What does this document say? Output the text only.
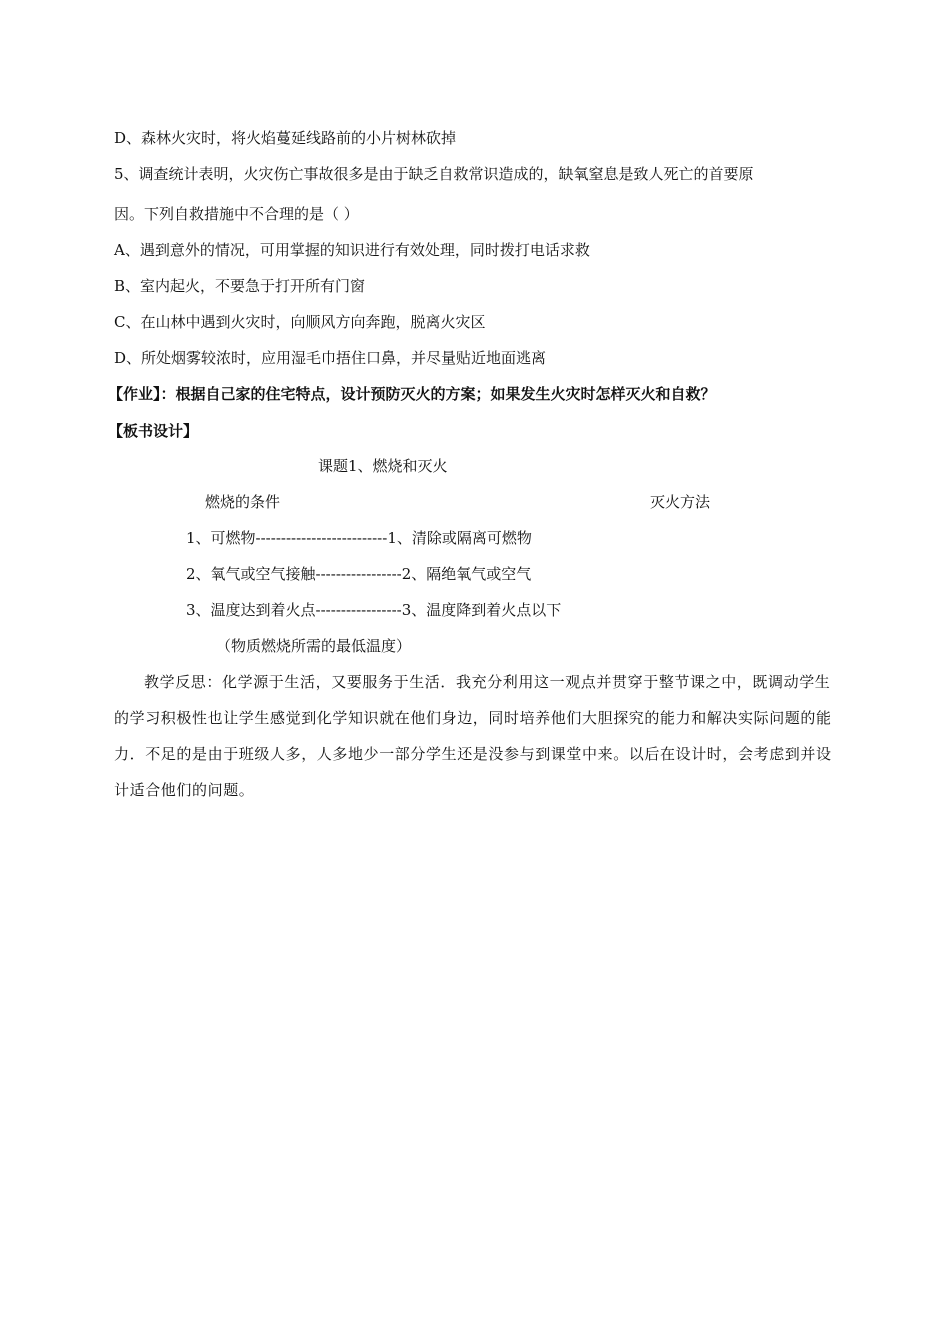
D、森林火灾时，将火焰蔓延线路前的小片树林砍掉
5、调查统计表明，火灾伤亡事故很多是由于缺乏自救常识造成的，缺氧窒息是致人死亡的首要原
因。下列自救措施中不合理的是（ ）
A、遇到意外的情况，可用掌握的知识进行有效处理，同时拨打电话求救
B、室内起火，不要急于打开所有门窗
C、在山林中遇到火灾时，向顺风方向奔跑，脱离火灾区
D、所处烟雾较浓时，应用湿毛巾捂住口鼻，并尽量贴近地面逃离
【作业】：根据自己家的住宅特点，设计预防灭火的方案；如果发生火灾时怎样灭火和自救？
【板书设计】
课题1、燃烧和灭火
燃烧的条件	灭火方法
1、可燃物--------------------------1、清除或隔离可燃物
2、氧气或空气接触-----------------2、隔绝氧气或空气
3、温度达到着火点-----------------3、温度降到着火点以下
（物质燃烧所需的最低温度）
教学反思：化学源于生活，又要服务于生活．我充分利用这一观点并贯穿于整节课之中，既调动学生的学习积极性也让学生感觉到化学知识就在他们身边，同时培养他们大胆探究的能力和解决实际问题的能力．不足的是由于班级人多，人多地少一部分学生还是没参与到课堂中来。以后在设计时，会考虑到并设计适合他们的问题。
